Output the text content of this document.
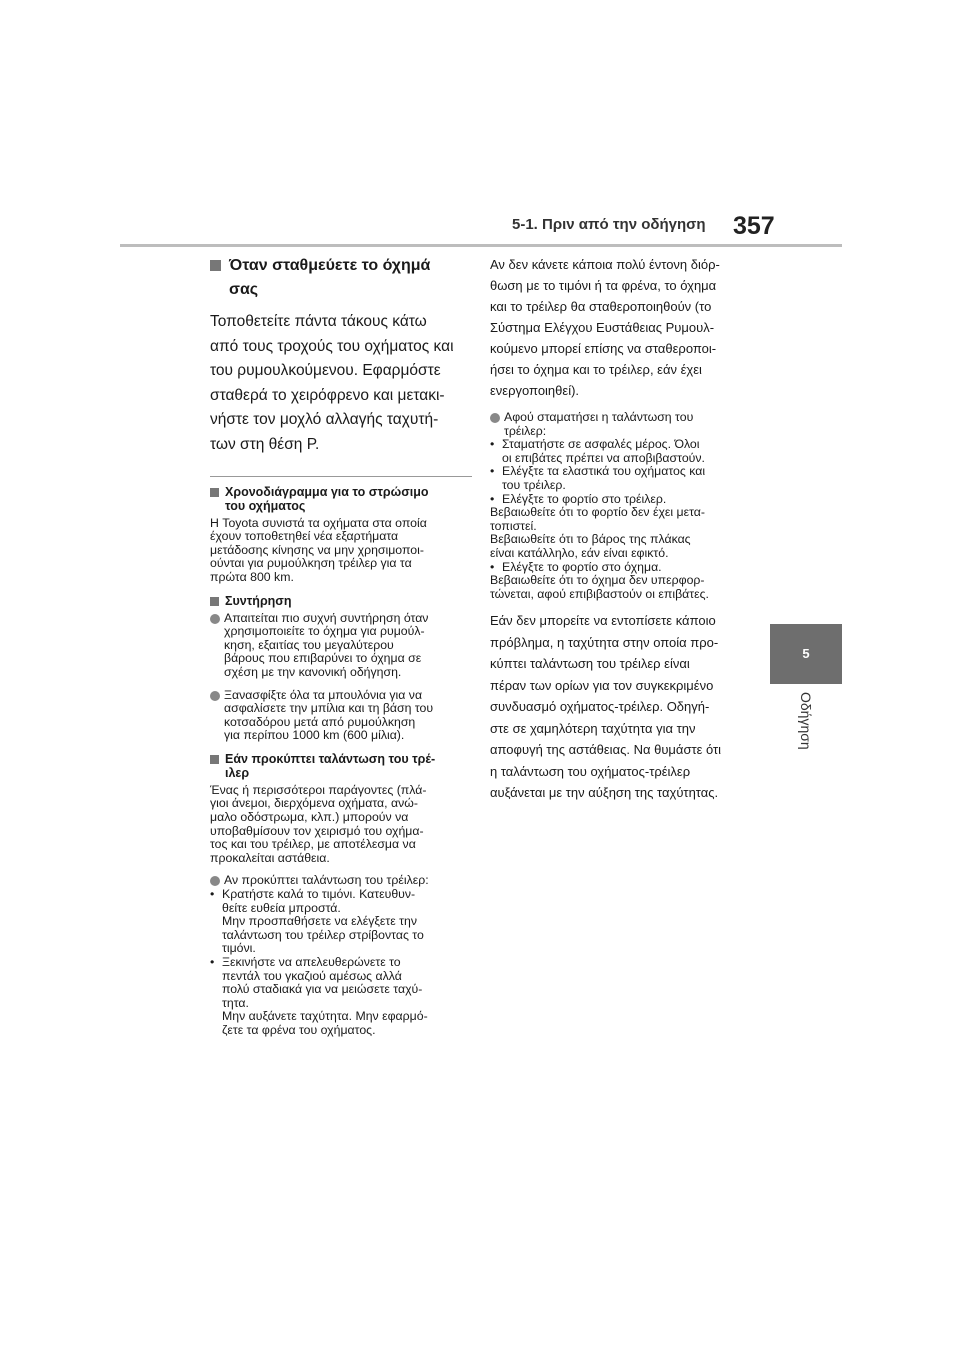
5-1. Πριν από την οδήγηση 357
5
Οδήγηση
Όταν σταθμεύετε το όχημά
σας
Τοποθετείτε πάντα τάκους κάτω
από τους τροχούς του οχήματος και
του ρυμουλκούμενου. Εφαρμόστε
σταθερά το χειρόφρενο και μετακι-
νήστε τον μοχλό αλλαγής ταχυτή-
των στη θέση P.
Χρονοδιάγραμμα για το στρώσιμο
του οχήματος
Η Toyota συνιστά τα οχήματα στα οποία
έχουν τοποθετηθεί νέα εξαρτήματα
μετάδοσης κίνησης να μην χρησιμοποι-
ούνται για ρυμούλκηση τρέιλερ για τα
πρώτα 800 km.
Συντήρηση
Απαιτείται πιο συχνή συντήρηση όταν
χρησιμοποιείτε το όχημα για ρυμούλ-
κηση, εξαιτίας του μεγαλύτερου
βάρους που επιβαρύνει το όχημα σε
σχέση με την κανονική οδήγηση.
Ξανασφίξτε όλα τα μπουλόνια για να
ασφαλίσετε την μπίλια και τη βάση του
κοτσαδόρου μετά από ρυμούλκηση
για περίπου 1000 km (600 μίλια).
Εάν προκύπτει ταλάντωση του τρέ-
ιλερ
Ένας ή περισσότεροι παράγοντες (πλά-
γιοι άνεμοι, διερχόμενα οχήματα, ανώ-
μαλο οδόστρωμα, κλπ.) μπορούν να
υποβαθμίσουν τον χειρισμό του οχήμα-
τος και του τρέιλερ, με αποτέλεσμα να
προκαλείται αστάθεια.
Αν προκύπτει ταλάντωση του τρέιλερ:
• Κρατήστε καλά το τιμόνι. Κατευθυν-
θείτε ευθεία μπροστά.
Μην προσπαθήσετε να ελέγξετε την
ταλάντωση του τρέιλερ στρίβοντας το
τιμόνι.
• Ξεκινήστε να απελευθερώνετε το
πεντάλ του γκαζιού αμέσως αλλά
πολύ σταδιακά για να μειώσετε ταχύ-
τητα.
Μην αυξάνετε ταχύτητα. Μην εφαρμό-
ζετε τα φρένα του οχήματος.
Αν δεν κάνετε κάποια πολύ έντονη διόρ-
θωση με το τιμόνι ή τα φρένα, το όχημα
και το τρέιλερ θα σταθεροποιηθούν (το
Σύστημα Ελέγχου Ευστάθειας Ρυμουλ-
κούμενο μπορεί επίσης να σταθεροποι-
ήσει το όχημα και το τρέιλερ, εάν έχει
ενεργοποιηθεί).
Αφού σταματήσει η ταλάντωση του
τρέιλερ:
• Σταματήστε σε ασφαλές μέρος. Όλοι
οι επιβάτες πρέπει να αποβιβαστούν.
• Ελέγξτε τα ελαστικά του οχήματος και
του τρέιλερ.
• Ελέγξτε το φορτίο στο τρέιλερ.
Βεβαιωθείτε ότι το φορτίο δεν έχει μετα-
τοπιστεί.
Βεβαιωθείτε ότι το βάρος της πλάκας
είναι κατάλληλο, εάν είναι εφικτό.
• Ελέγξτε το φορτίο στο όχημα.
Βεβαιωθείτε ότι το όχημα δεν υπερφορ-
τώνεται, αφού επιβιβαστούν οι επιβάτες.
Εάν δεν μπορείτε να εντοπίσετε κάποιο
πρόβλημα, η ταχύτητα στην οποία προ-
κύπτει ταλάντωση του τρέιλερ είναι
πέραν των ορίων για τον συγκεκριμένο
συνδυασμό οχήματος-τρέιλερ. Οδηγή-
στε σε χαμηλότερη ταχύτητα για την
αποφυγή της αστάθειας. Να θυμάστε ότι
η ταλάντωση του οχήματος-τρέιλερ
αυξάνεται με την αύξηση της ταχύτητας.
